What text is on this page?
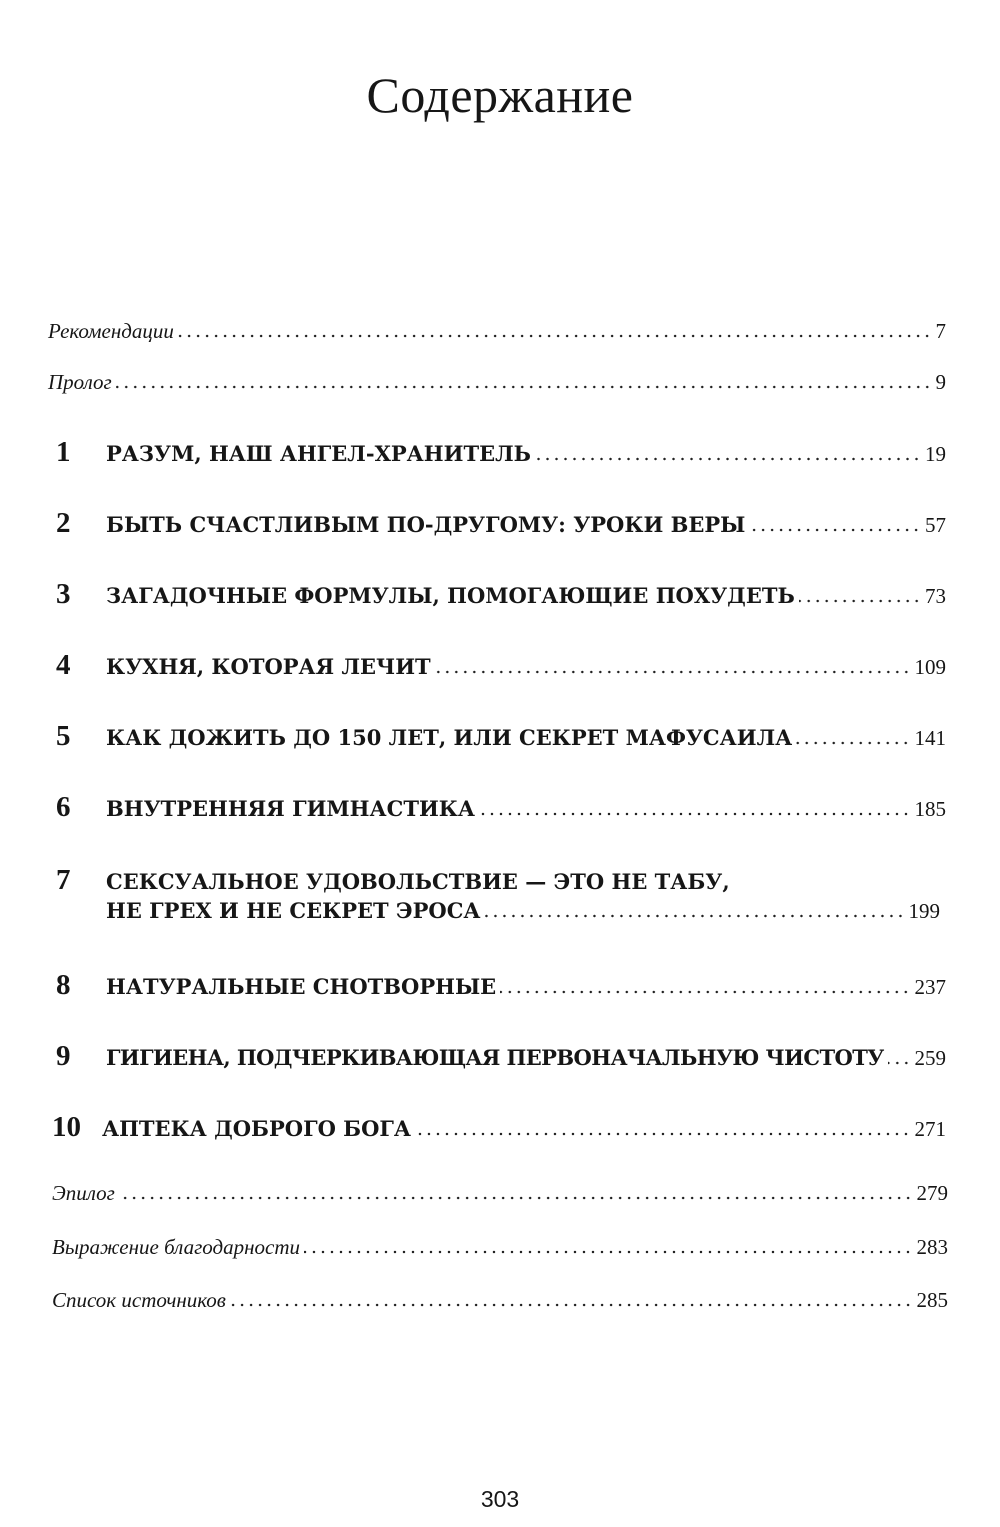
Содержание
Рекомендации	7
Пролог	9
1	РАЗУМ, НАШ АНГЕЛ-ХРАНИТЕЛЬ	19
2	БЫТЬ СЧАСТЛИВЫМ ПО-ДРУГОМУ: УРОКИ ВЕРЫ	57
3	ЗАГАДОЧНЫЕ ФОРМУЛЫ, ПОМОГАЮЩИЕ ПОХУДЕТЬ	73
4	КУХНЯ, КОТОРАЯ ЛЕЧИТ	109
5	КАК ДОЖИТЬ ДО 150 ЛЕТ, ИЛИ СЕКРЕТ МАФУСАИЛА	141
6	ВНУТРЕННЯЯ ГИМНАСТИКА	185
7 СЕКСУАЛЬНОЕ УДОВОЛЬСТВИЕ — ЭТО НЕ ТАБУ,
НЕ ГРЕХ И НЕ СЕКРЕТ ЭРОСА	199
8	НАТУРАЛЬНЫЕ СНОТВОРНЫЕ	237
9	ГИГИЕНА, ПОДЧЕРКИВАЮЩАЯ ПЕРВОНАЧАЛЬНУЮ ЧИСТОТУ 259
10	АПТЕКА ДОБРОГО БОГА	271
Эпилог	279
Выражение благодарности	283
Список источников	285
303
